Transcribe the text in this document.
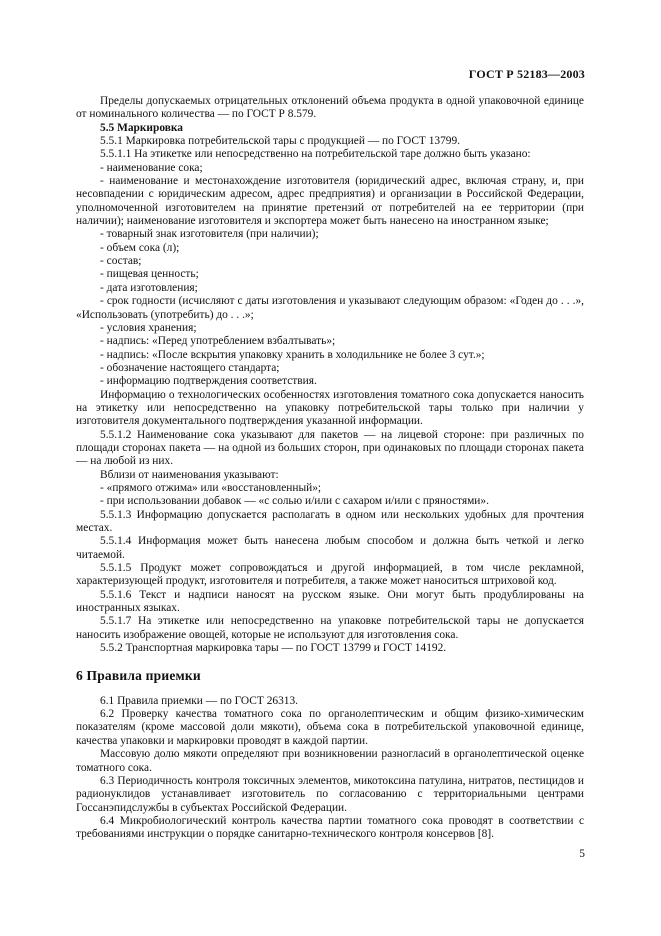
ГОСТ Р 52183—2003

Пределы допускаемых отрицательных отклонений объема продукта в одной упаковочной единице от номинального количества — по ГОСТ Р 8.579.

5.5 Маркировка

5.5.1 Маркировка потребительской тары с продукцией — по ГОСТ 13799.

5.5.1.1 На этикетке или непосредственно на потребительской таре должно быть указано:

- наименование сока;

- наименование и местонахождение изготовителя (юридический адрес, включая страну, и, при несовпадении с юридическим адресом, адрес предприятия) и организации в Российской Федерации, уполномоченной изготовителем на принятие претензий от потребителей на ее территории (при наличии); наименование изготовителя и экспортера может быть нанесено на иностранном языке;

- товарный знак изготовителя (при наличии);

- объем сока (л);

- состав;

- пищевая ценность;

- дата изготовления;

- срок годности (исчисляют с даты изготовления и указывают следующим образом: «Годен до . . .», «Использовать (употребить) до . . .»;

- условия хранения;

- надпись: «Перед употреблением взбалтывать»;

- надпись: «После вскрытия упаковку хранить в холодильнике не более 3 сут.»;

- обозначение настоящего стандарта;

- информацию подтверждения соответствия.

Информацию о технологических особенностях изготовления томатного сока допускается наносить на этикетку или непосредственно на упаковку потребительской тары только при наличии у изготовителя документального подтверждения указанной информации.

5.5.1.2 Наименование сока указывают для пакетов — на лицевой стороне: при различных по площади сторонах пакета — на одной из больших сторон, при одинаковых по площади сторонах пакета — на любой из них.

Вблизи от наименования указывают:

- «прямого отжима» или «восстановленный»;

- при использовании добавок — «с солью и/или с сахаром и/или с пряностями».

5.5.1.3 Информацию допускается располагать в одном или нескольких удобных для прочтения местах.

5.5.1.4 Информация может быть нанесена любым способом и должна быть четкой и легко читаемой.

5.5.1.5 Продукт может сопровождаться и другой информацией, в том числе рекламной, характеризующей продукт, изготовителя и потребителя, а также может наноситься штриховой код.

5.5.1.6 Текст и надписи наносят на русском языке. Они могут быть продублированы на иностранных языках.

5.5.1.7 На этикетке или непосредственно на упаковке потребительской тары не допускается наносить изображение овощей, которые не используют для изготовления сока.

5.5.2 Транспортная маркировка тары — по ГОСТ 13799 и ГОСТ 14192.

6 Правила приемки

6.1 Правила приемки — по ГОСТ 26313.

6.2 Проверку качества томатного сока по органолептическим и общим физико-химическим показателям (кроме массовой доли мякоти), объема сока в потребительской упаковочной единице, качества упаковки и маркировки проводят в каждой партии.

Массовую долю мякоти определяют при возникновении разногласий в органолептической оценке томатного сока.

6.3 Периодичность контроля токсичных элементов, микотоксина патулина, нитратов, пестицидов и радионуклидов устанавливает изготовитель по согласованию с территориальными центрами Госсанэпидслужбы в субъектах Российской Федерации.

6.4 Микробиологический контроль качества партии томатного сока проводят в соответствии с требованиями инструкции о порядке санитарно-технического контроля консервов [8].

5
